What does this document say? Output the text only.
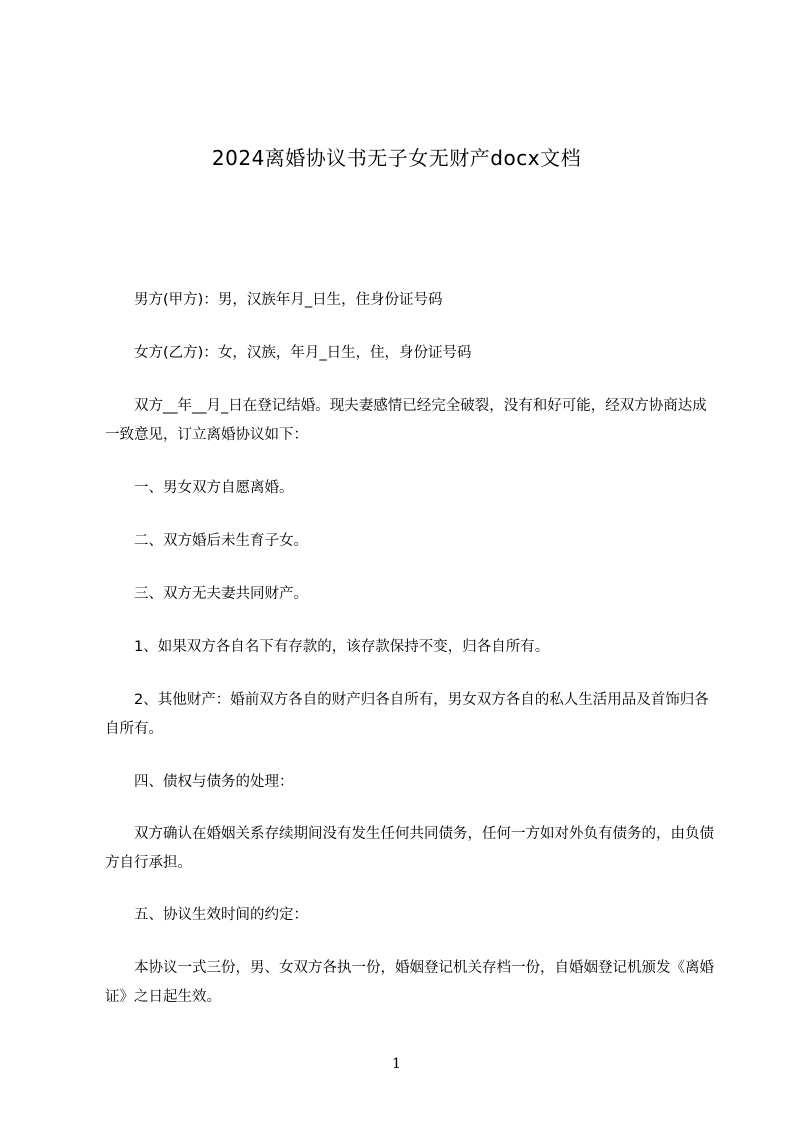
2024离婚协议书无子女无财产docx文档
　　男方(甲方)：男，汉族年月_日生，住身份证号码
　　女方(乙方)：女，汉族，年月_日生，住，身份证号码
　　双方__年__月_日在登记结婚。现夫妻感情已经完全破裂，没有和好可能，经双方协商达成一致意见，订立离婚协议如下：
　　一、男女双方自愿离婚。
　　二、双方婚后未生育子女。
　　三、双方无夫妻共同财产。
　　1、如果双方各自名下有存款的，该存款保持不变，归各自所有。
　　2、其他财产：婚前双方各自的财产归各自所有，男女双方各自的私人生活用品及首饰归各自所有。
　　四、债权与债务的处理：
　　双方确认在婚姻关系存续期间没有发生任何共同债务，任何一方如对外负有债务的，由负债方自行承担。
　　五、协议生效时间的约定：
　　本协议一式三份，男、女双方各执一份，婚姻登记机关存档一份，自婚姻登记机颁发《离婚证》之日起生效。
1
